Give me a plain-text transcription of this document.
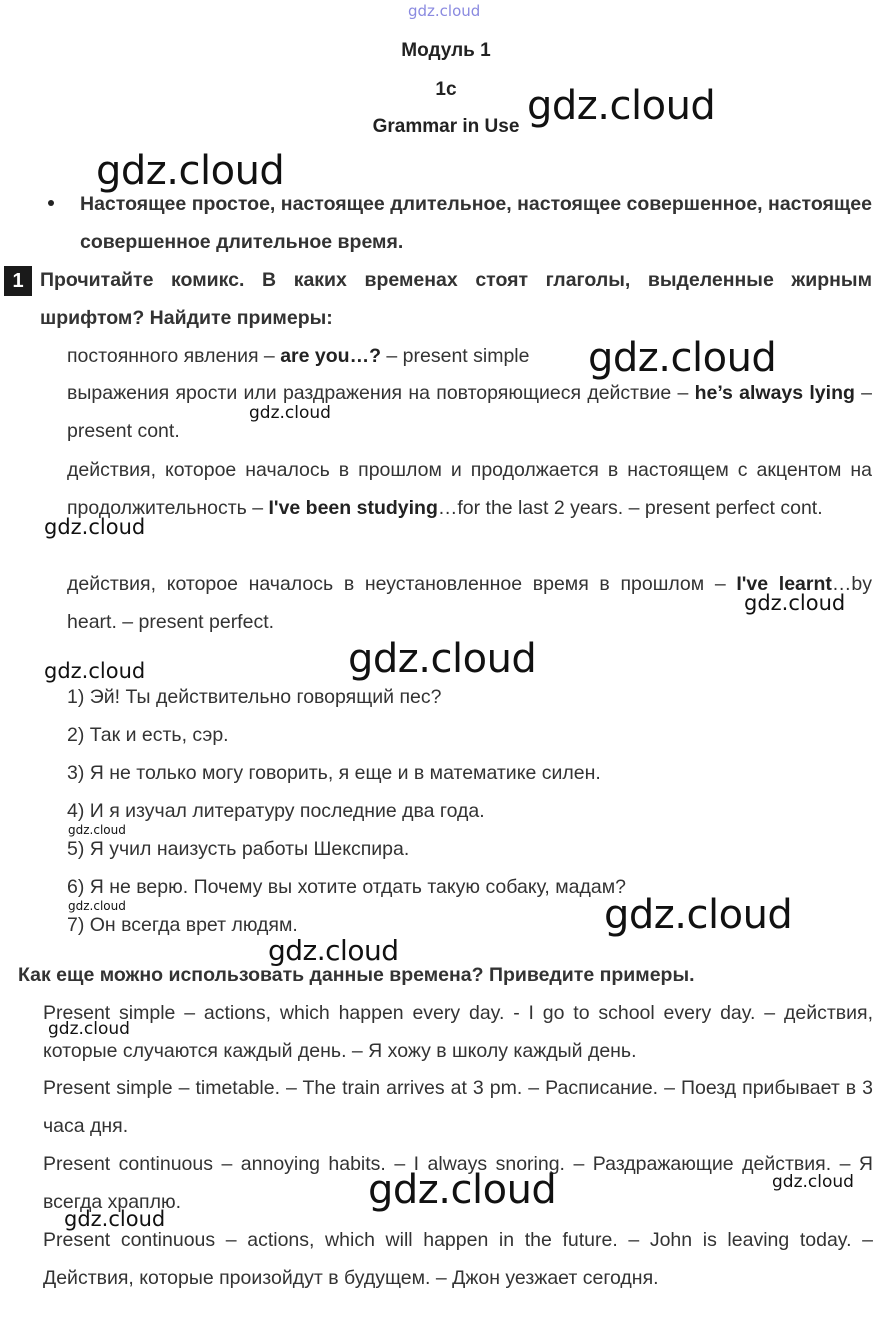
gdz.cloud
Модуль 1
1с
Grammar in Use
Настоящее простое, настоящее длительное, настоящее совершенное, настоящее совершенное длительное время.
1 Прочитайте комикс. В каких временах стоят глаголы, выделенные жирным шрифтом? Найдите примеры:
постоянного явления – are you…? – present simple
выражения ярости или раздражения на повторяющиеся действие – he’s always lying – present cont.
действия, которое началось в прошлом и продолжается в настоящем с акцентом на продолжительность – I've been studying…for the last 2 years. – present perfect cont.
действия, которое началось в неустановленное время в прошлом – I've learnt…by heart. – present perfect.
1) Эй! Ты действительно говорящий пес?
2) Так и есть, сэр.
3) Я не только могу говорить, я еще и в математике силен.
4) И я изучал литературу последние два года.
5) Я учил наизусть работы Шекспира.
6) Я не верю. Почему вы хотите отдать такую собаку, мадам?
7) Он всегда врет людям.
Как еще можно использовать данные времена? Приведите примеры.
Present simple – actions, which happen every day. - I go to school every day. – действия, которые случаются каждый день. – Я хожу в школу каждый день.
Present simple – timetable. – The train arrives at 3 pm. – Расписание. – Поезд прибывает в 3 часа дня.
Present continuous – annoying habits. – I always snoring. – Раздражающие действия. – Я всегда храплю.
Present continuous – actions, which will happen in the future. – John is leaving today. – Действия, которые произойдут в будущем. – Джон уезжает сегодня.
gdz.cloud
gdz.cloud
gdz.cloud
gdz.cloud
gdz.cloud
gdz.cloud
gdz.cloud	gdz.cloud
gdz.cloud
gdz.cloud	gdz.cloud
gdz.cloud
gdz.cloud
gdz.cloud	gdz.cloud
gdz.cloud
